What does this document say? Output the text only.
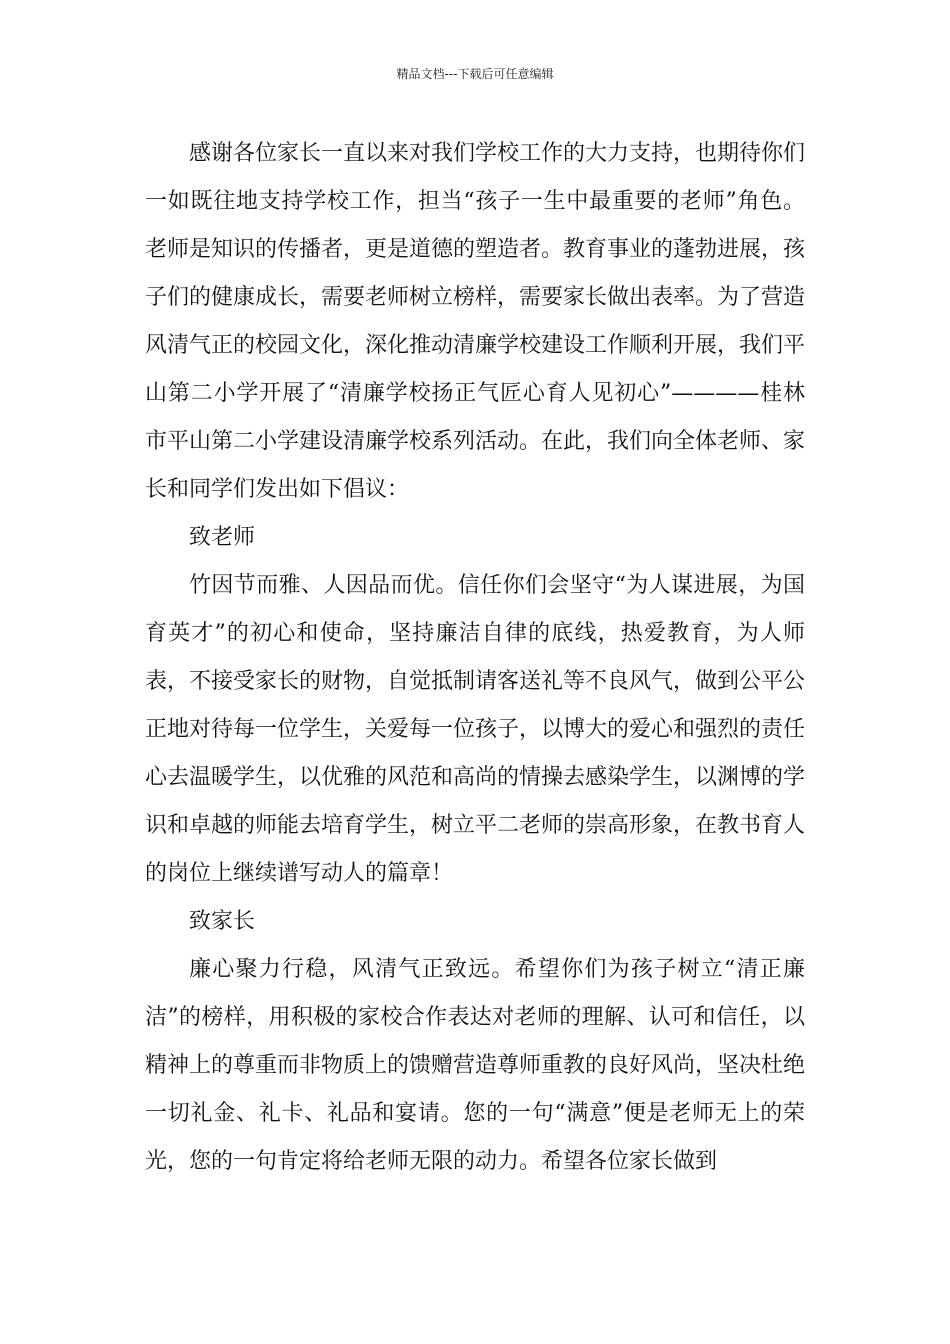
精品文档---下载后可任意编辑

感谢各位家长一直以来对我们学校工作的大力支持，也期待你们一如既往地支持学校工作，担当“孩子一生中最重要的老师”角色。老师是知识的传播者，更是道德的塑造者。教育事业的蓬勃进展，孩子们的健康成长，需要老师树立榜样，需要家长做出表率。为了营造风清气正的校园文化，深化推动清廉学校建设工作顺利开展，我们平山第二小学开展了“清廉学校扬正气匠心育人见初心”————桂林市平山第二小学建设清廉学校系列活动。在此，我们向全体老师、家长和同学们发出如下倡议：

致老师

竹因节而雅、人因品而优。信任你们会坚守“为人谋进展，为国育英才”的初心和使命，坚持廉洁自律的底线，热爱教育，为人师表，不接受家长的财物，自觉抵制请客送礼等不良风气，做到公平公正地对待每一位学生，关爱每一位孩子，以博大的爱心和强烈的责任心去温暖学生，以优雅的风范和高尚的情操去感染学生，以渊博的学识和卓越的师能去培育学生，树立平二老师的崇高形象，在教书育人的岗位上继续谱写动人的篇章！

致家长

廉心聚力行稳，风清气正致远。希望你们为孩子树立“清正廉洁”的榜样，用积极的家校合作表达对老师的理解、认可和信任，以精神上的尊重而非物质上的馈赠营造尊师重教的良好风尚，坚决杜绝一切礼金、礼卡、礼品和宴请。您的一句“满意”便是老师无上的荣光，您的一句肯定将给老师无限的动力。希望各位家长做到
